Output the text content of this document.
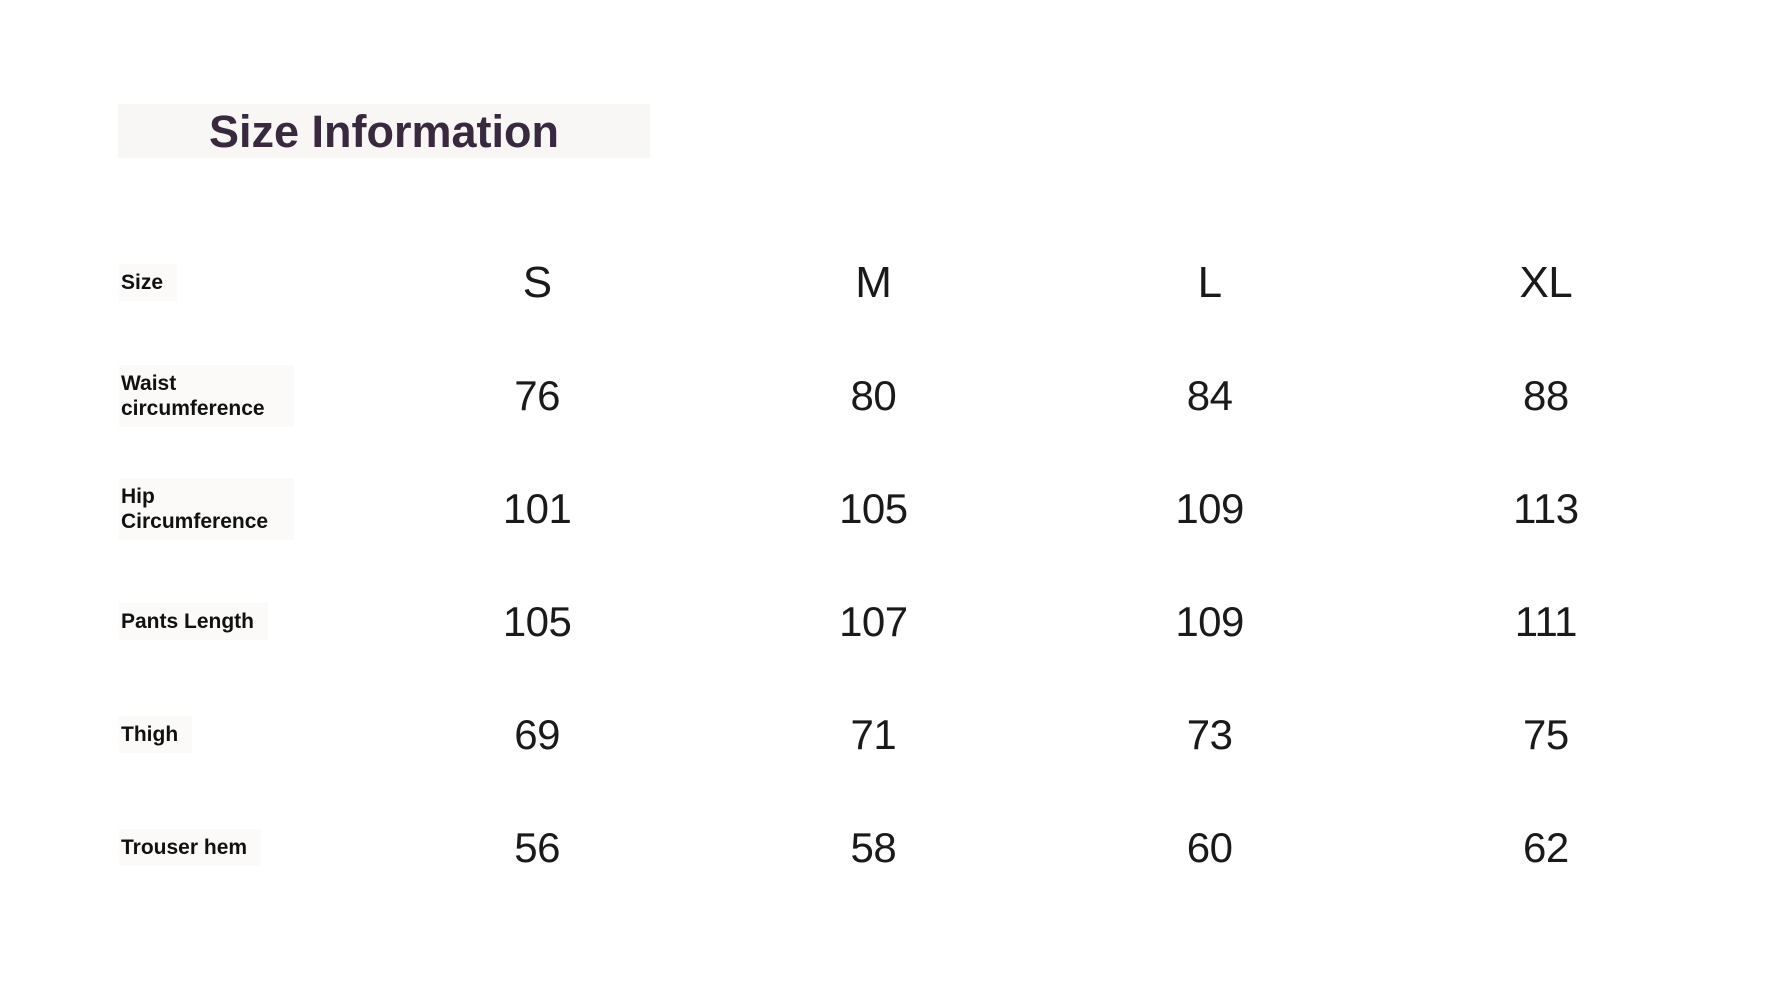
Size Information
Size	S	M	L	XL
Waist circumference	76	80	84	88
Hip Circumference	101	105	109	113
Pants Length	105	107	109	111
Thigh	69	71	73	75
Trouser hem	56	58	60	62
